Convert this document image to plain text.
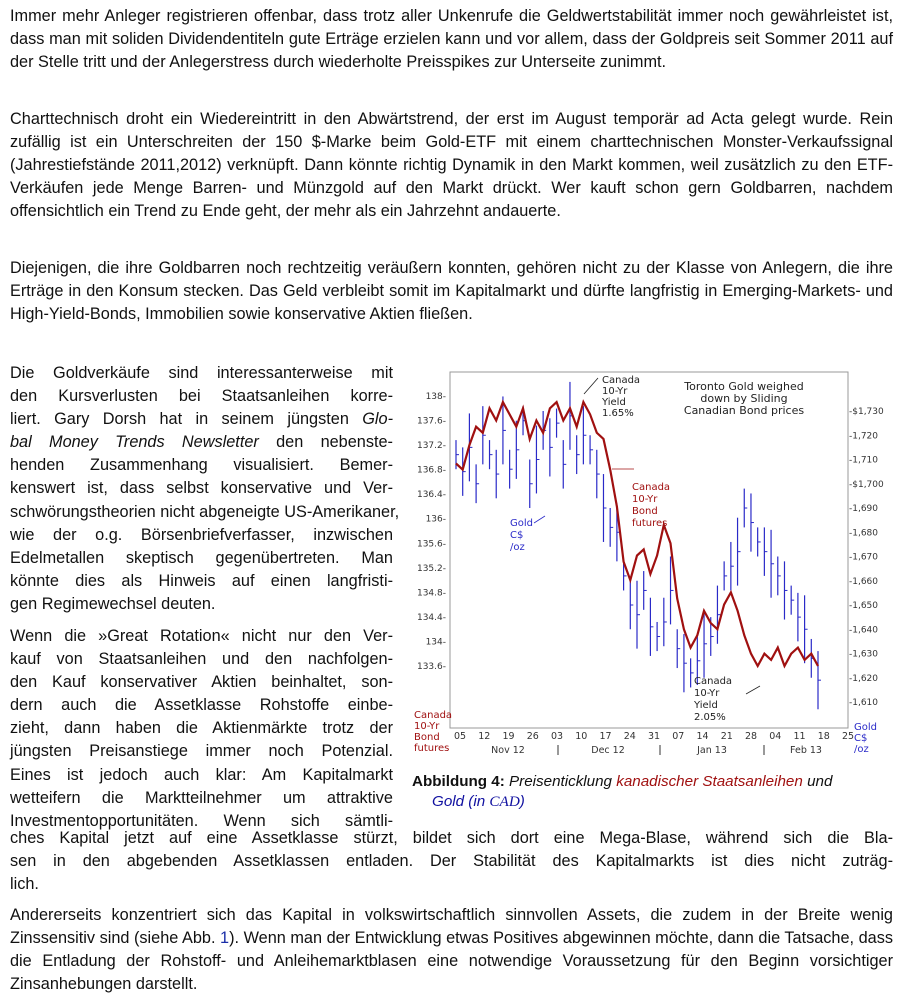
Immer mehr Anleger registrieren offenbar, dass trotz aller Unkenrufe die Geldwertstabilität immer noch gewährleistet ist, dass man mit soliden Dividendentiteln gute Erträge erzielen kann und vor allem, dass der Goldpreis seit Sommer 2011 auf der Stelle tritt und der Anlegerstress durch wiederholte Preisspikes zur Unterseite zunimmt.

Charttechnisch droht ein Wiedereintritt in den Abwärtstrend, der erst im August temporär ad Acta gelegt wurde. Rein zufällig ist ein Unterschreiten der 150 $-Marke beim Gold-ETF mit einem charttechnischen Monster-Verkaufssignal (Jahrestiefstände 2011,2012) verknüpft. Dann könnte richtig Dynamik in den Markt kommen, weil zusätzlich zu den ETF-Verkäufen jede Menge Barren- und Münzgold auf den Markt drückt. Wer kauft schon gern Goldbarren, nachdem offensichtlich ein Trend zu Ende geht, der mehr als ein Jahrzehnt andauerte.

Diejenigen, die ihre Goldbarren noch rechtzeitig veräußern konnten, gehören nicht zu der Klasse von Anlegern, die ihre Erträge in den Konsum stecken. Das Geld verbleibt somit im Kapitalmarkt und dürfte langfristig in Emerging-Markets- und High-Yield-Bonds, Immobilien sowie konservative Aktien fließen.

Die Goldverkäufe sind interessanterweise mit
den Kursverlusten bei Staatsanleihen korre-
liert. Gary Dorsh hat in seinem jüngsten Glo-
bal Money Trends Newsletter den nebenste-
henden Zusammenhang visualisiert. Bemer-
kenswert ist, dass selbst konservative und Ver-
schwörungstheorien nicht abgeneigte US-Amerikaner,
wie der o.g. Börsenbriefverfasser, inzwischen
Edelmetallen skeptisch gegenübertreten. Man
könnte dies als Hinweis auf einen langfristi-
gen Regimewechsel deuten.
Wenn die »Great Rotation« nicht nur den Ver-
kauf von Staatsanleihen und den nachfolgen-
den Kauf konservativer Aktien beinhaltet, son-
dern auch die Assetklasse Rohstoffe einbe-
zieht, dann haben die Aktienmärkte trotz der
jüngsten Preisanstiege immer noch Potenzial.
Eines ist jedoch auch klar: Am Kapitalmarkt
wetteifern die Marktteilnehmer um attraktive
Investmentopportunitäten. Wenn sich sämtli-
ches Kapital jetzt auf eine Assetklasse stürzt, bildet sich dort eine Mega-Blase, während sich die Bla-
sen in den abgebenden Assetklassen entladen. Der Stabilität des Kapitalmarkts ist dies nicht zuträg-
lich.

Andererseits konzentriert sich das Kapital in volkswirtschaftlich sinnvollen Assets, die zudem in der Breite wenig Zinssensitiv sind (siehe Abb. 1). Wenn man der Entwicklung etwas Positives abgewinnen möchte, dann die Tatsache, dass die Entladung der Rohstoff- und Anleihemarktblasen eine notwendige Voraussetzung für den Beginn vorsichtiger Zinsanhebungen darstellt.

138-
137.6-
137.2-
136.8-
136.4-
136-
135.6-
135.2-
134.8-
134.4-
134-
133.6-
-$1,730
-1,720
-1,710
-$1,700
-1,690
-1,680
-1,670
-1,660
-1,650
-1,640
-1,630
-1,620
-1,610
05 12 19 26 03 10 17 24 31 07 14 21 28 04 11 18 25
Nov 12	Dec 12	Jan 13	Feb 13
Toronto Gold weighed
down by Sliding
Canadian Bond prices
Canada
10-Yr
Yield
1.65%
Canada
10-Yr
Bond
futures
Gold
C$
/oz
Canada
10-Yr
Yield
2.05%
Canada
10-Yr
Bond
futures
Gold
C$
/oz
Abbildung 4: Preisenticklung kanadischer Staatsanleihen und
Gold (in CAD)
